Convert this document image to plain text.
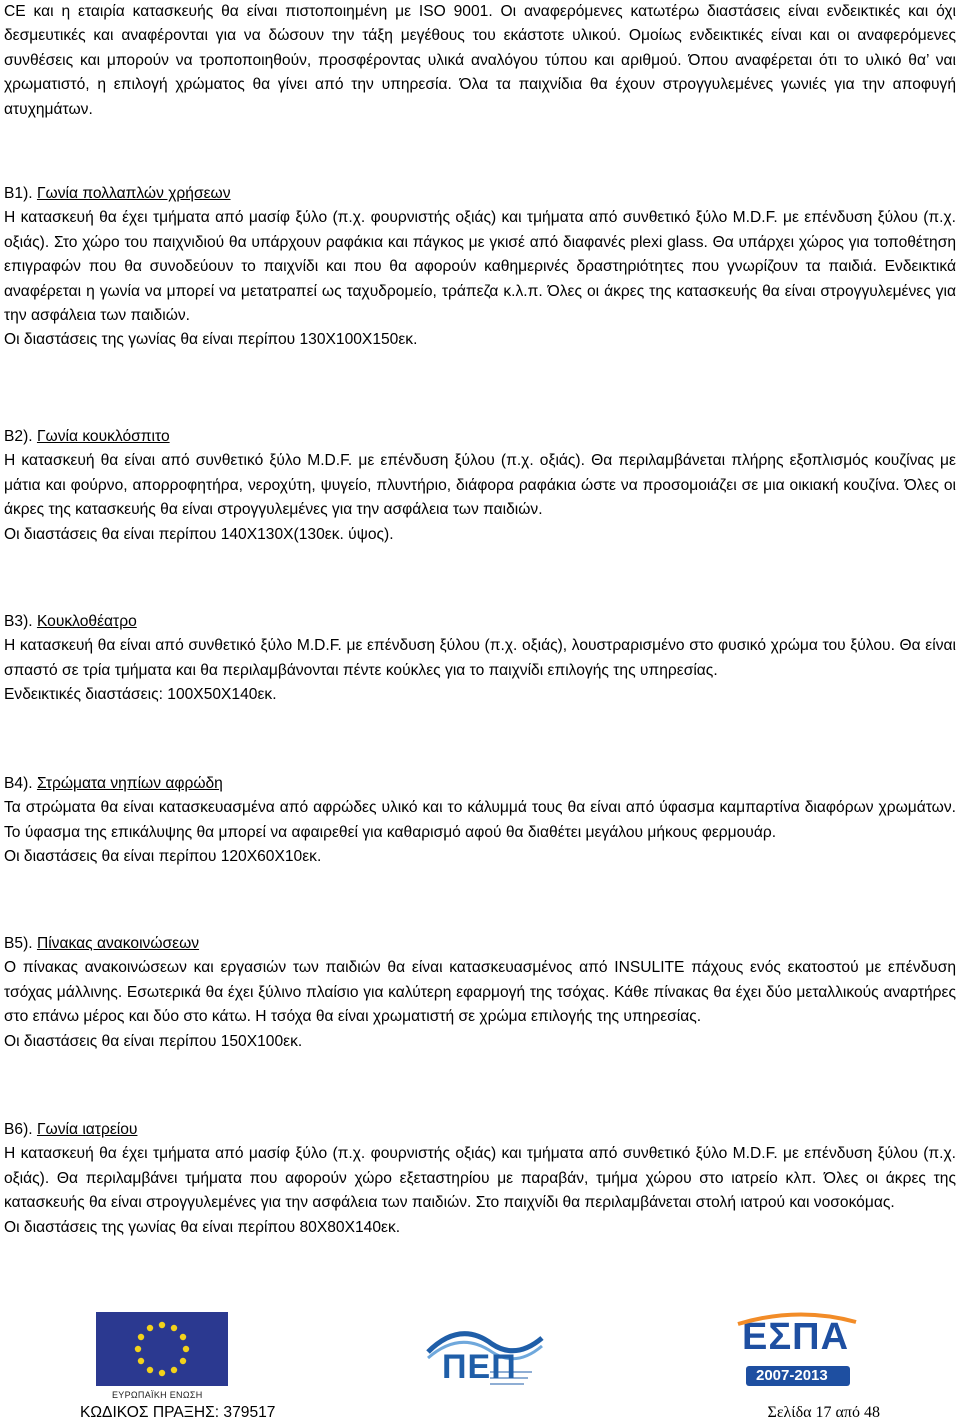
CE και η εταιρία κατασκευής θα είναι πιστοποιημένη με ISO 9001. Οι αναφερόμενες κατωτέρω διαστάσεις είναι ενδεικτικές και όχι δεσμευτικές και αναφέρονται για να δώσουν την τάξη μεγέθους του εκάστοτε υλικού. Ομοίως ενδεικτικές είναι και οι αναφερόμενες συνθέσεις και μπορούν να τροποποιηθούν, προσφέροντας υλικά αναλόγου τύπου και αριθμού. Όπου αναφέρεται ότι το υλικό θα’ ναι χρωματιστό, η επιλογή χρώματος θα γίνει από την υπηρεσία. Όλα τα παιχνίδια θα έχουν στρογγυλεμένες γωνιές για την αποφυγή ατυχημάτων.

Β1). Γωνία πολλαπλών χρήσεων

Η κατασκευή θα έχει τμήματα από μασίφ ξύλο (π.χ. φουρνιστής οξιάς) και τμήματα από συνθετικό ξύλο M.D.F. με επένδυση ξύλου (π.χ. οξιάς). Στο χώρο του παιχνιδιού θα υπάρχουν ραφάκια και πάγκος με γκισέ από διαφανές plexi glass. Θα υπάρχει χώρος για τοποθέτηση επιγραφών που θα συνοδεύουν το παιχνίδι και που θα αφορούν καθημερινές δραστηριότητες που γνωρίζουν τα παιδιά. Ενδεικτικά αναφέρεται η γωνία να μπορεί να μετατραπεί ως ταχυδρομείο, τράπεζα κ.λ.π. Όλες οι άκρες της κατασκευής θα είναι στρογγυλεμένες για την ασφάλεια των παιδιών.

Οι διαστάσεις της γωνίας θα είναι περίπου 130Χ100Χ150εκ.

Β2). Γωνία κουκλόσπιτο

Η κατασκευή θα είναι από συνθετικό ξύλο M.D.F. με επένδυση ξύλου (π.χ. οξιάς). Θα περιλαμβάνεται πλήρης εξοπλισμός κουζίνας με μάτια και φούρνο, απορροφητήρα, νεροχύτη, ψυγείο, πλυντήριο, διάφορα ραφάκια ώστε να προσομοιάζει σε μια οικιακή κουζίνα. Όλες οι άκρες της κατασκευής θα είναι στρογγυλεμένες για την ασφάλεια των παιδιών.

Οι διαστάσεις θα είναι περίπου 140Χ130Χ(130εκ. ύψος).

Β3). Κουκλοθέατρο

Η κατασκευή θα είναι από συνθετικό ξύλο M.D.F. με επένδυση ξύλου (π.χ. οξιάς), λουστραρισμένο στο φυσικό χρώμα του ξύλου. Θα είναι σπαστό σε τρία τμήματα και θα περιλαμβάνονται πέντε κούκλες για το παιχνίδι επιλογής της υπηρεσίας.

Ενδεικτικές διαστάσεις: 100Χ50Χ140εκ.

Β4). Στρώματα νηπίων αφρώδη

Τα στρώματα θα είναι κατασκευασμένα από αφρώδες υλικό και τo κάλυμμά τους θα είναι από ύφασμα καμπαρτίνα διαφόρων χρωμάτων. Το ύφασμα της επικάλυψης θα μπορεί να αφαιρεθεί για καθαρισμό αφού θα διαθέτει μεγάλου μήκους φερμουάρ.

Οι διαστάσεις θα είναι περίπου 120Χ60Χ10εκ.

Β5). Πίνακας ανακοινώσεων

Ο πίνακας ανακοινώσεων και εργασιών των παιδιών θα είναι κατασκευασμένος από INSULITE πάχους ενός εκατοστού με επένδυση τσόχας μάλλινης. Εσωτερικά θα έχει ξύλινο πλαίσιο για καλύτερη εφαρμογή της τσόχας. Κάθε πίνακας θα έχει δύο μεταλλικούς αναρτήρες στο επάνω μέρος και δύο στο κάτω. Η τσόχα θα είναι χρωματιστή σε χρώμα επιλογής της υπηρεσίας.

Οι διαστάσεις θα είναι περίπου 150Χ100εκ.

Β6). Γωνία ιατρείου

Η κατασκευή θα έχει τμήματα από μασίφ ξύλο (π.χ. φουρνιστής οξιάς) και τμήματα από συνθετικό ξύλο M.D.F. με επένδυση ξύλου (π.χ. οξιάς). Θα περιλαμβάνει τμήματα που αφορούν χώρο εξεταστηρίου με παραβάν, τμήμα χώρου στο ιατρείο κλπ. Όλες οι άκρες της κατασκευής θα είναι στρογγυλεμένες για την ασφάλεια των παιδιών. Στο παιχνίδι θα περιλαμβάνεται στολή ιατρού και νοσοκόμας.

Οι διαστάσεις της γωνίας θα είναι περίπου 80Χ80Χ140εκ.

ΕΥΡΩΠΑΪΚΗ ΕΝΩΣΗ
ΠΕΠ
ΕΣΠΑ
2007-2013
ΚΩΔΙΚΟΣ ΠΡΑΞΗΣ: 379517	Σελίδα 17 από 48
